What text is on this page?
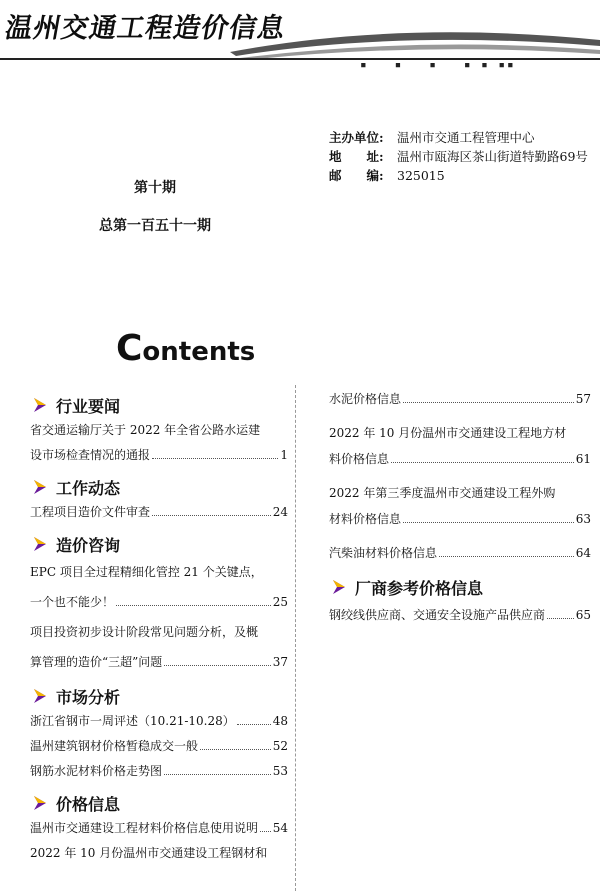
温州交通工程造价信息
▪　　▪　　▪　　▪ ▪ ▪▪
主办单位:	温州市交通工程管理中心
地　　址:	温州市瓯海区茶山街道特勤路69号
邮　　编:	325015
第十期
总第一百五十一期
Contents
行业要闻
省交通运输厅关于 2022 年全省公路水运建
设市场检查情况的通报	1
工作动态
工程项目造价文件审查	24
造价咨询
EPC 项目全过程精细化管控 21 个关键点，
一个也不能少！	25
项目投资初步设计阶段常见问题分析，及概
算管理的造价“三超”问题	37
市场分析
浙江省钢市一周评述（10.21-10.28）	48
温州建筑钢材价格暂稳成交一般	52
钢筋水泥材料价格走势图	53
价格信息
温州市交通建设工程材料价格信息使用说明 54
2022 年 10 月份温州市交通建设工程钢材和
水泥价格信息	57
2022 年 10 月份温州市交通建设工程地方材
料价格信息	61
2022 年第三季度温州市交通建设工程外购
材料价格信息	63
汽柴油材料价格信息	64
厂商参考价格信息
钢绞线供应商、交通安全设施产品供应商	65
